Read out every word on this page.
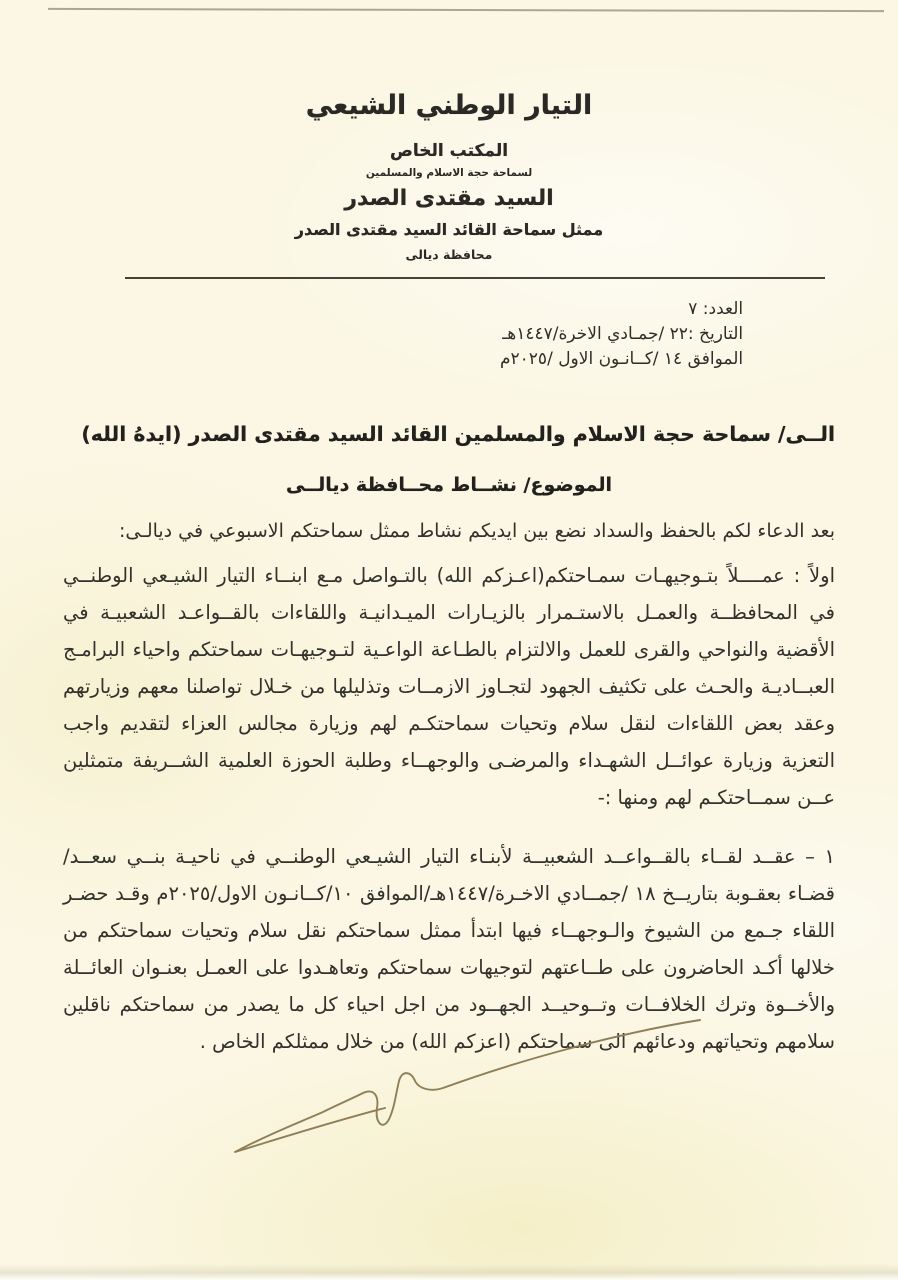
التيار الوطني الشيعي
المكتب الخاص
لسماحة حجة الاسلام والمسلمين
السيد مقتدى الصدر
ممثل سماحة القائد السيد مقتدى الصدر
محافظة ديالى
العدد: ٧
التاريخ :٢٢ /جمـادي الاخرة/١٤٤٧هـ
الموافق ١٤ /كــانـون الاول /٢٠٢٥م
الــى/ سماحة حجة الاسلام والمسلمين القائد السيد مقتدى الصدر (ايدهُ الله)
الموضوع/ نشــاط محــافظة ديالــى
بعد الدعاء لكم بالحفظ والسداد نضع بين ايديكم نشاط ممثل سماحتكم الاسبوعي في ديالـى:
اولاً : عمــــلاً بتـوجيهـات سمـاحتكم(اعـزكم الله) بالتـواصل مـع ابنــاء التيار الشيـعي الوطنــي في المحافظــة والعمـل بالاستـمرار بالزيـارات الميـدانيـة واللقاءات بالقــواعـد الشعبيـة في الأقضية والنواحي والقرى للعمل والالتزام بالطـاعة الواعـية لتـوجيهـات سماحتكم واحياء البرامـج العبــاديـة والحـث على تكثيف الجهود لتجـاوز الازمــات وتذليلها من خـلال تواصلنا معهم وزيارتهم وعقد بعض اللقاءات لنقل سلام وتحيات سماحتكـم لهم وزيارة مجالس العزاء لتقديم واجب التعزية وزيارة عوائــل الشهـداء والمرضـى والوجهــاء وطلبة الحوزة العلمية الشــريفة متمثلين عــن سمــاحتكـم لهم ومنها :-
١ – عقــد لقــاء بالقــواعــد الشعبيــة لأبنـاء التيار الشيـعي الوطنــي في ناحيـة بنــي سعــد/قضـاء بعقـوبة بتاريــخ ١٨ /جمــادي الاخـرة/١٤٤٧هـ/الموافق ١٠/كــانـون الاول/٢٠٢٥م وقـد حضـر اللقاء جـمع من الشيوخ والـوجهــاء فيها ابتدأ ممثل سماحتكم نقل سلام وتحيات سماحتكم من خلالها أكـد الحاضرون على طــاعتهم لتوجيهات سماحتكم وتعاهـدوا على العمـل بعنـوان العائــلة والأخــوة وترك الخلافــات وتــوحيــد الجهــود من اجل احياء كل ما يصدر من سماحتكم ناقلين سلامهم وتحياتهم ودعائهم الى سماحتكم (اعزكم الله) من خلال ممثلكم الخاص .
